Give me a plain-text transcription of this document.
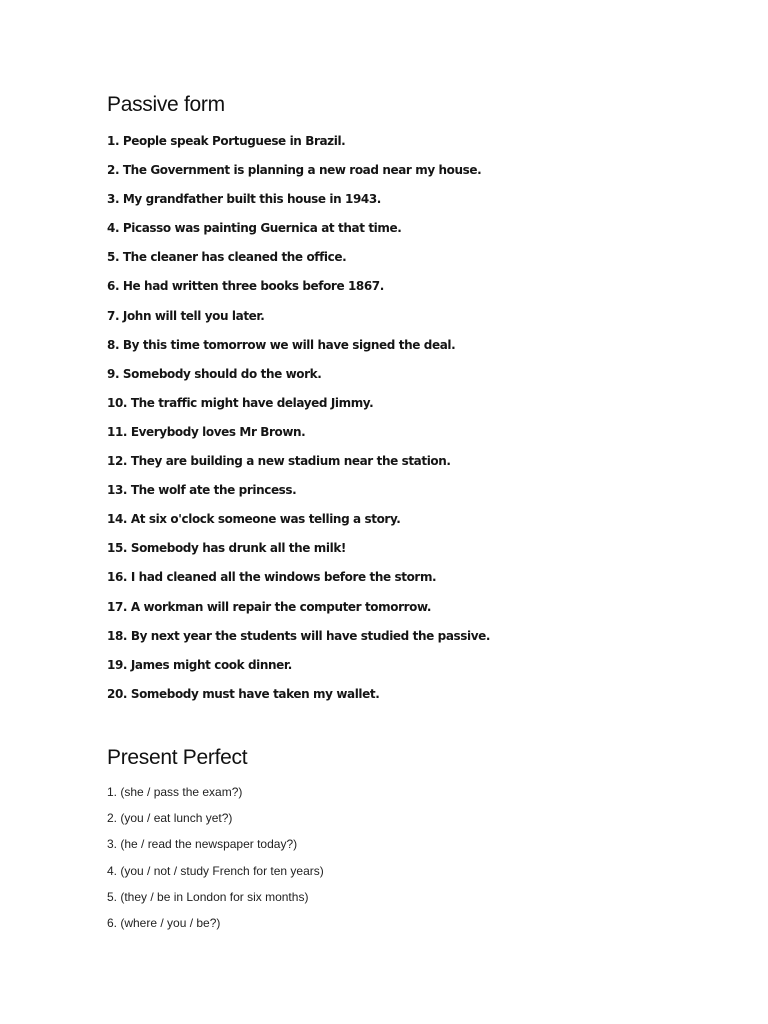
Passive form
1. People speak Portuguese in Brazil.
2. The Government is planning a new road near my house.
3. My grandfather built this house in 1943.
4. Picasso was painting Guernica at that time.
5. The cleaner has cleaned the office.
6. He had written three books before 1867.
7. John will tell you later.
8. By this time tomorrow we will have signed the deal.
9. Somebody should do the work.
10. The traffic might have delayed Jimmy.
11. Everybody loves Mr Brown.
12. They are building a new stadium near the station.
13. The wolf ate the princess.
14. At six o'clock someone was telling a story.
15. Somebody has drunk all the milk!
16. I had cleaned all the windows before the storm.
17. A workman will repair the computer tomorrow.
18. By next year the students will have studied the passive.
19. James might cook dinner.
20. Somebody must have taken my wallet.
Present Perfect
1. (she / pass the exam?)
2. (you / eat lunch yet?)
3. (he / read the newspaper today?)
4. (you / not / study French for ten years)
5. (they / be in London for six months)
6. (where / you / be?)
